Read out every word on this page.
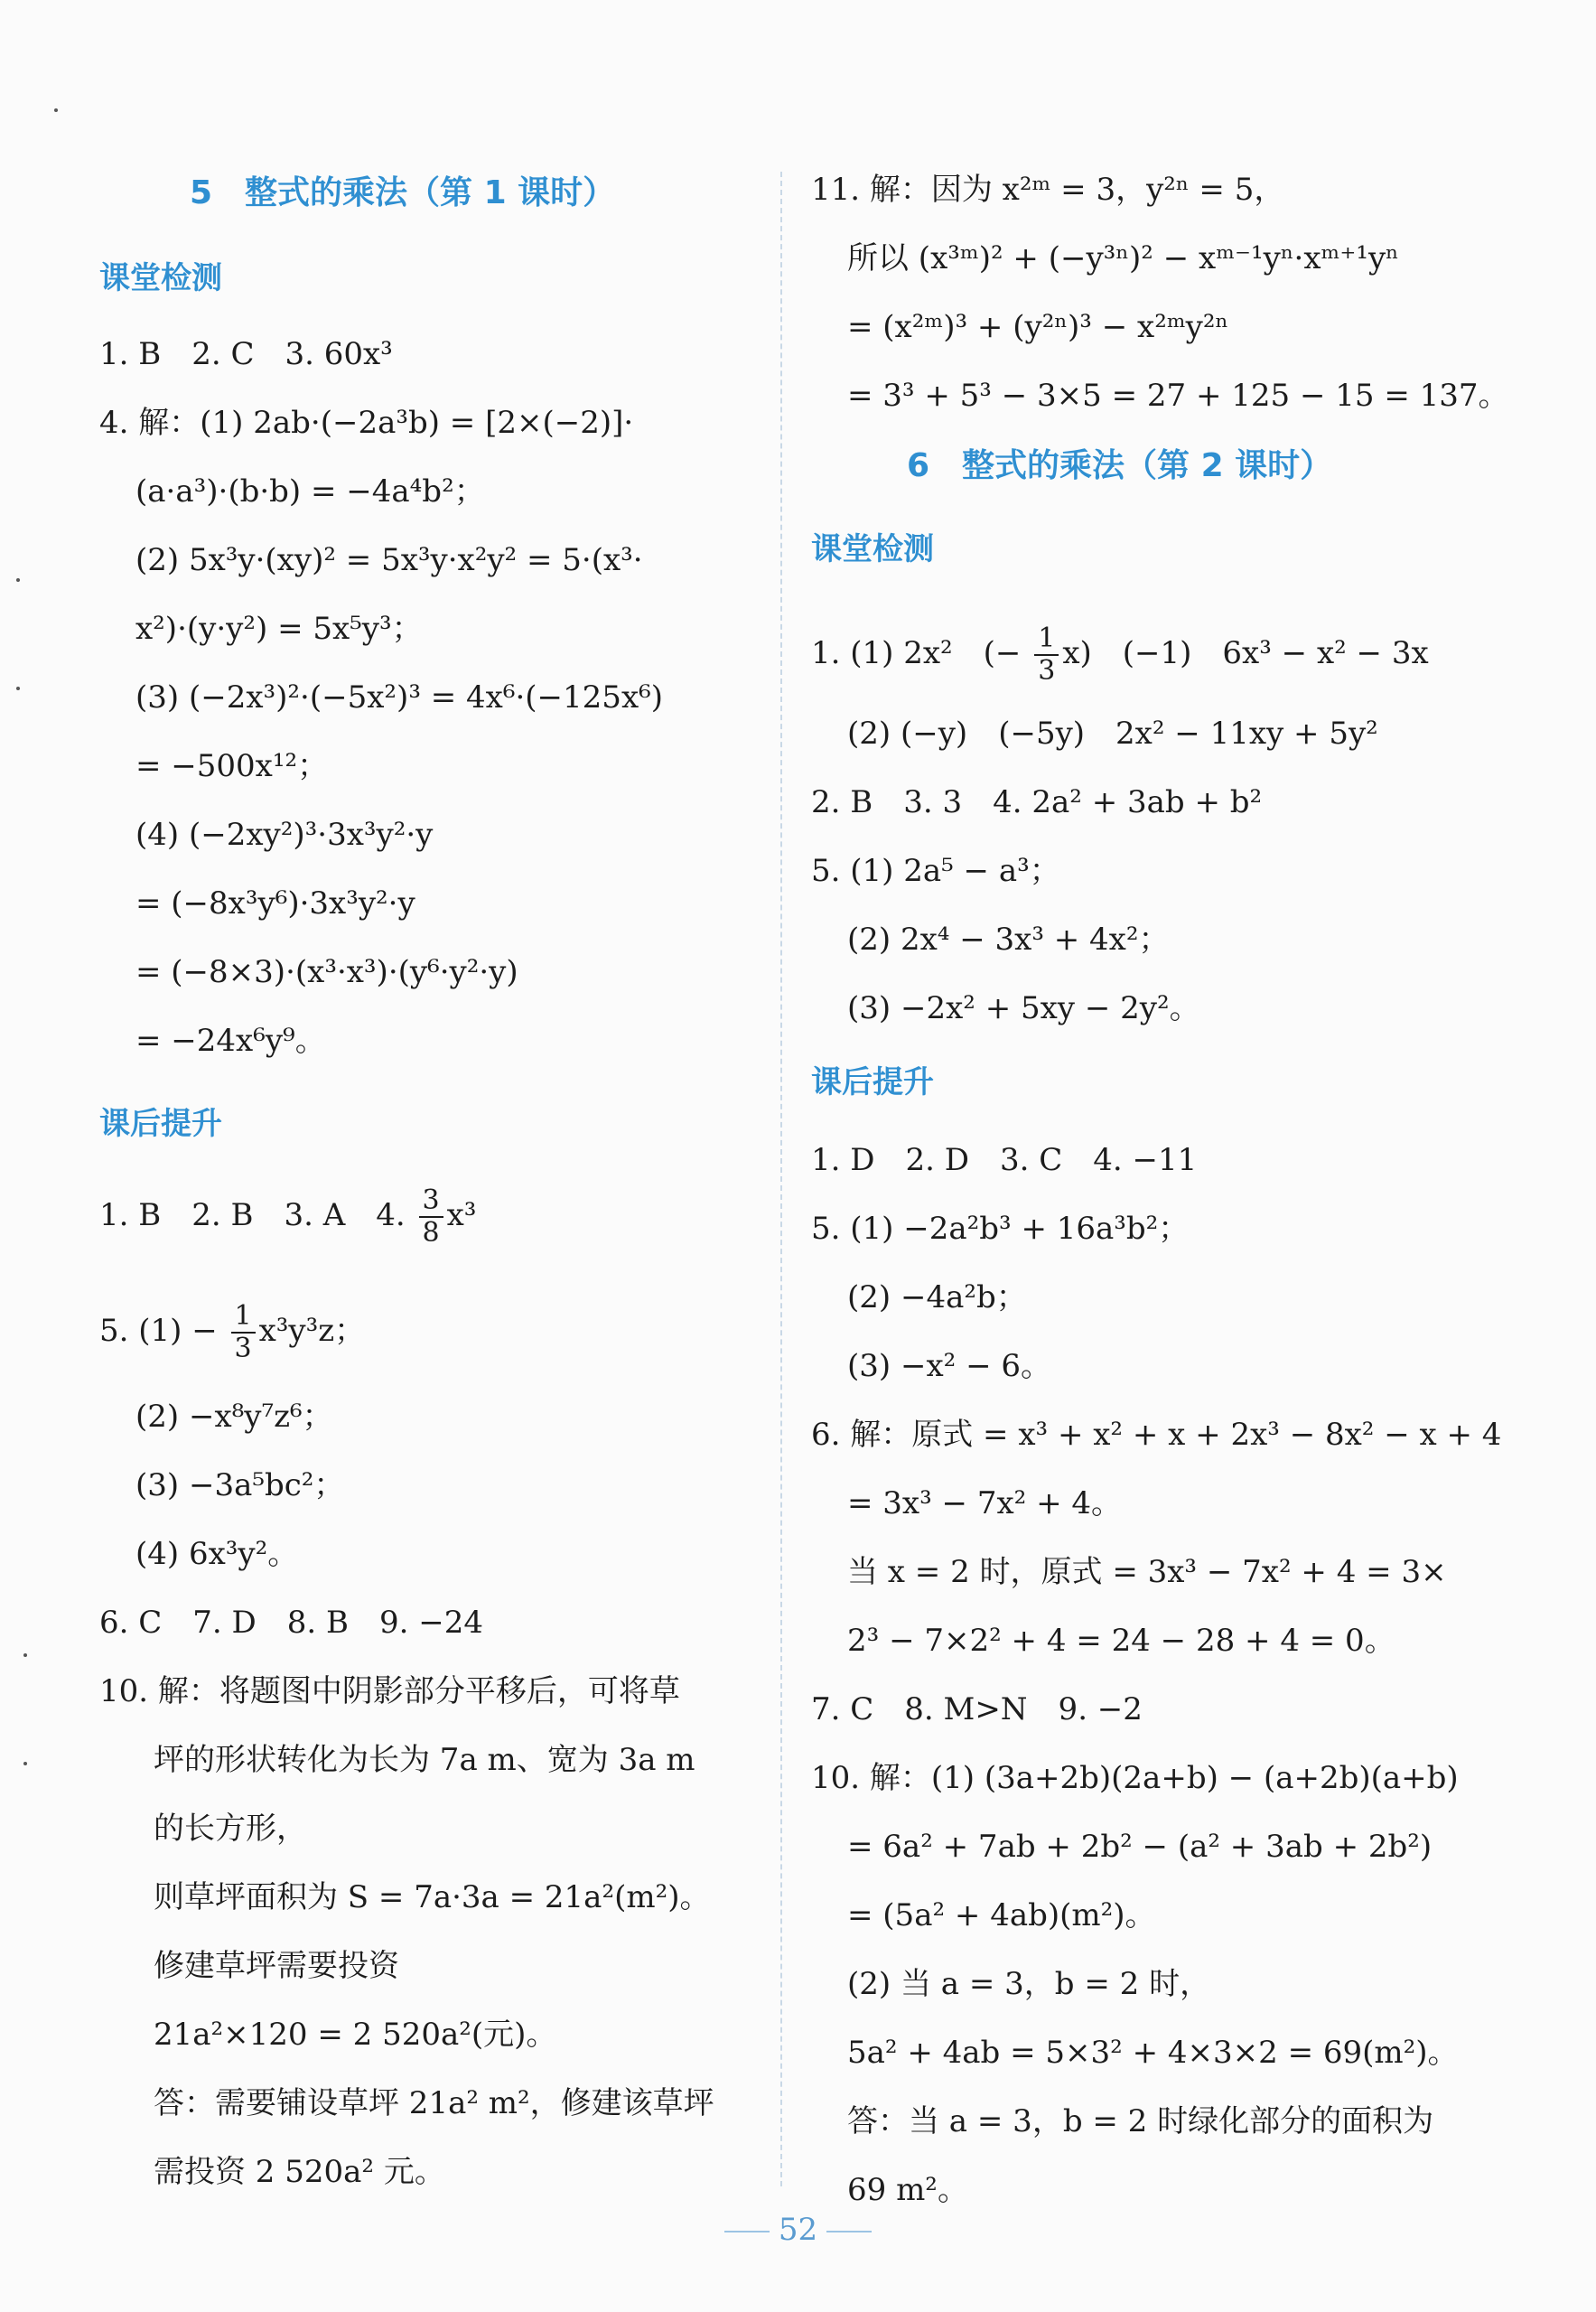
5　整式的乘法（第 1 课时）
课堂检测
1. B　2. C　3. 60x³
4. 解：(1) 2ab·(−2a³b) = [2×(−2)]·
(a·a³)·(b·b) = −4a⁴b²；
(2) 5x³y·(xy)² = 5x³y·x²y² = 5·(x³·
x²)·(y·y²) = 5x⁵y³；
(3) (−2x³)²·(−5x²)³ = 4x⁶·(−125x⁶)
= −500x¹²；
(4) (−2xy²)³·3x³y²·y
= (−8x³y⁶)·3x³y²·y
= (−8×3)·(x³·x³)·(y⁶·y²·y)
= −24x⁶y⁹。
课后提升
1. B　2. B　3. A　4. $\frac{3}{8} x^3$
5. $(1) - \frac{1}{3} x^3y^3z$；
(2) −x⁸y⁷z⁶；
(3) −3a⁵bc²；
(4) 6x³y²。
6. C　7. D　8. B　9. −24
10. 解：将题图中阴影部分平移后，可将草
坪的形状转化为长为 7a m、宽为 3a m
的长方形，
则草坪面积为 S = 7a·3a = 21a²(m²)。
修建草坪需要投资
21a²×120 = 2 520a²(元)。
答：需要铺设草坪 21a² m²，修建该草坪
需投资 2 520a² 元。
11. 解：因为 x²ᵐ = 3，y²ⁿ = 5，
所以 (x³ᵐ)² + (−y³ⁿ)² − xᵐ⁻¹yⁿ·xᵐ⁺¹yⁿ
= (x²ᵐ)³ + (y²ⁿ)³ − x²ᵐy²ⁿ
= 3³ + 5³ − 3×5 = 27 + 125 − 15 = 137。
6　整式的乘法（第 2 课时）
课堂检测
1. (1) 2x²　(− $\frac{1}{3} x$)　(−1)　6x³ − x² − 3x
(2) (−y)　(−5y)　2x² − 11xy + 5y²
2. B　3. 3　4. 2a² + 3ab + b²
5. (1) 2a⁵ − a³；
(2) 2x⁴ − 3x³ + 4x²；
(3) −2x² + 5xy − 2y²。
课后提升
1. D　2. D　3. C　4. −11
5. (1) −2a²b³ + 16a³b²；
(2) −4a²b；
(3) −x² − 6。
6. 解：原式 = x³ + x² + x + 2x³ − 8x² − x + 4
= 3x³ − 7x² + 4。
当 x = 2 时，原式 = 3x³ − 7x² + 4 = 3×
2³ − 7×2² + 4 = 24 − 28 + 4 = 0。
7. C　8. M>N　9. −2
10. 解：(1) (3a+2b)(2a+b) − (a+2b)(a+b)
= 6a² + 7ab + 2b² − (a² + 3ab + 2b²)
= (5a² + 4ab)(m²)。
(2) 当 a = 3，b = 2 时，
5a² + 4ab = 5×3² + 4×3×2 = 69(m²)。
答：当 a = 3，b = 2 时绿化部分的面积为
69 m²。
52
